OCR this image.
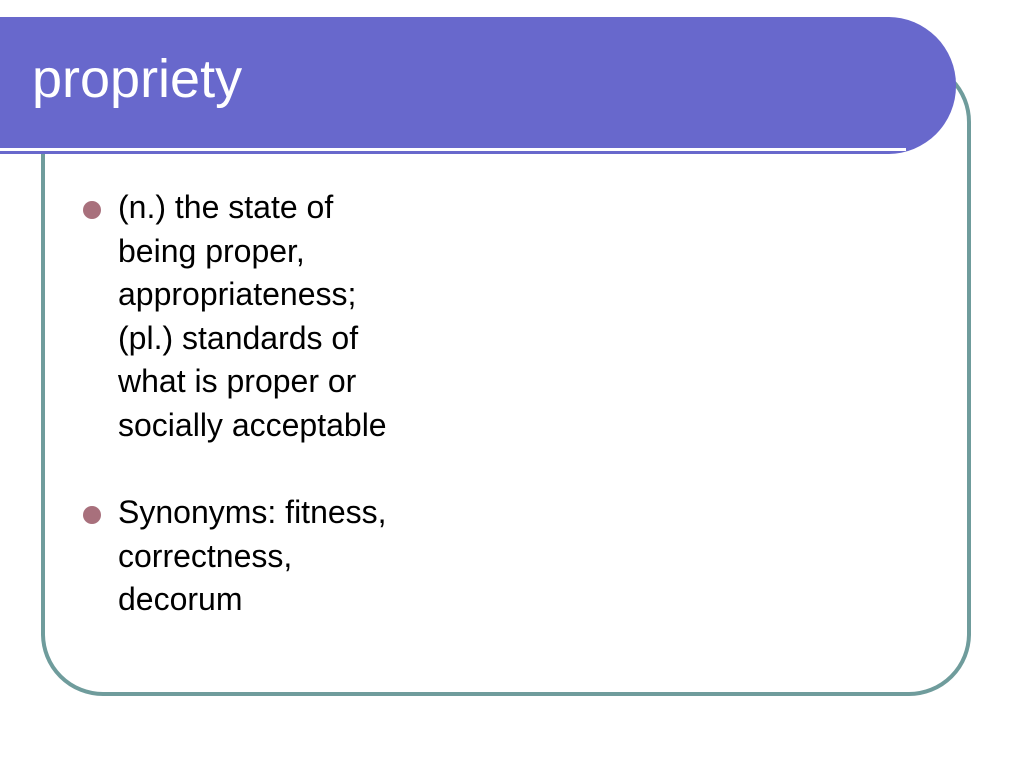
propriety
(n.) the state of
being proper,
appropriateness;
(pl.) standards of
what is proper or
socially acceptable
Synonyms: fitness,
correctness,
decorum
